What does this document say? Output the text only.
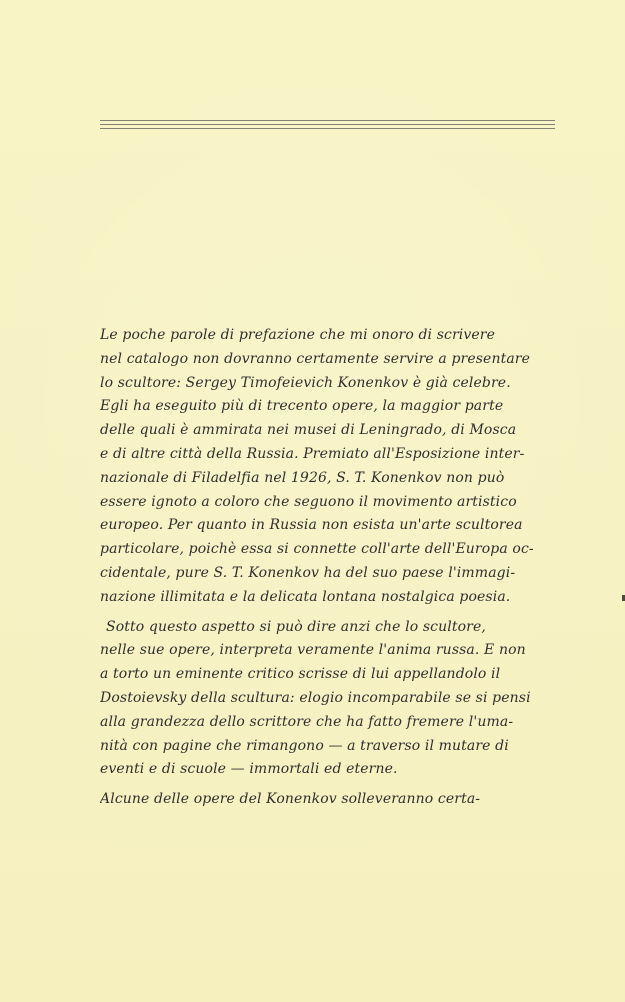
Le poche parole di prefazione che mi onoro di scrivere
nel catalogo non dovranno certamente servire a presentare
lo scultore: Sergey Timofeievich Konenkov è già celebre.
Egli ha eseguito più di trecento opere, la maggior parte
delle quali è ammirata nei musei di Leningrado, di Mosca
e di altre città della Russia. Premiato all'Esposizione inter-
nazionale di Filadelfia nel 1926, S. T. Konenkov non può
essere ignoto a coloro che seguono il movimento artistico
europeo. Per quanto in Russia non esista un'arte scultorea
particolare, poichè essa si connette coll'arte dell'Europa oc-
cidentale, pure S. T. Konenkov ha del suo paese l'immagi-
nazione illimitata e la delicata lontana nostalgica poesia.
Sotto questo aspetto si può dire anzi che lo scultore,
nelle sue opere, interpreta veramente l'anima russa. E non
a torto un eminente critico scrisse di lui appellandolo il
Dostoievsky della scultura: elogio incomparabile se si pensi
alla grandezza dello scrittore che ha fatto fremere l'uma-
nità con pagine che rimangono — a traverso il mutare di
eventi e di scuole — immortali ed eterne.
Alcune delle opere del Konenkov solleveranno certa-
